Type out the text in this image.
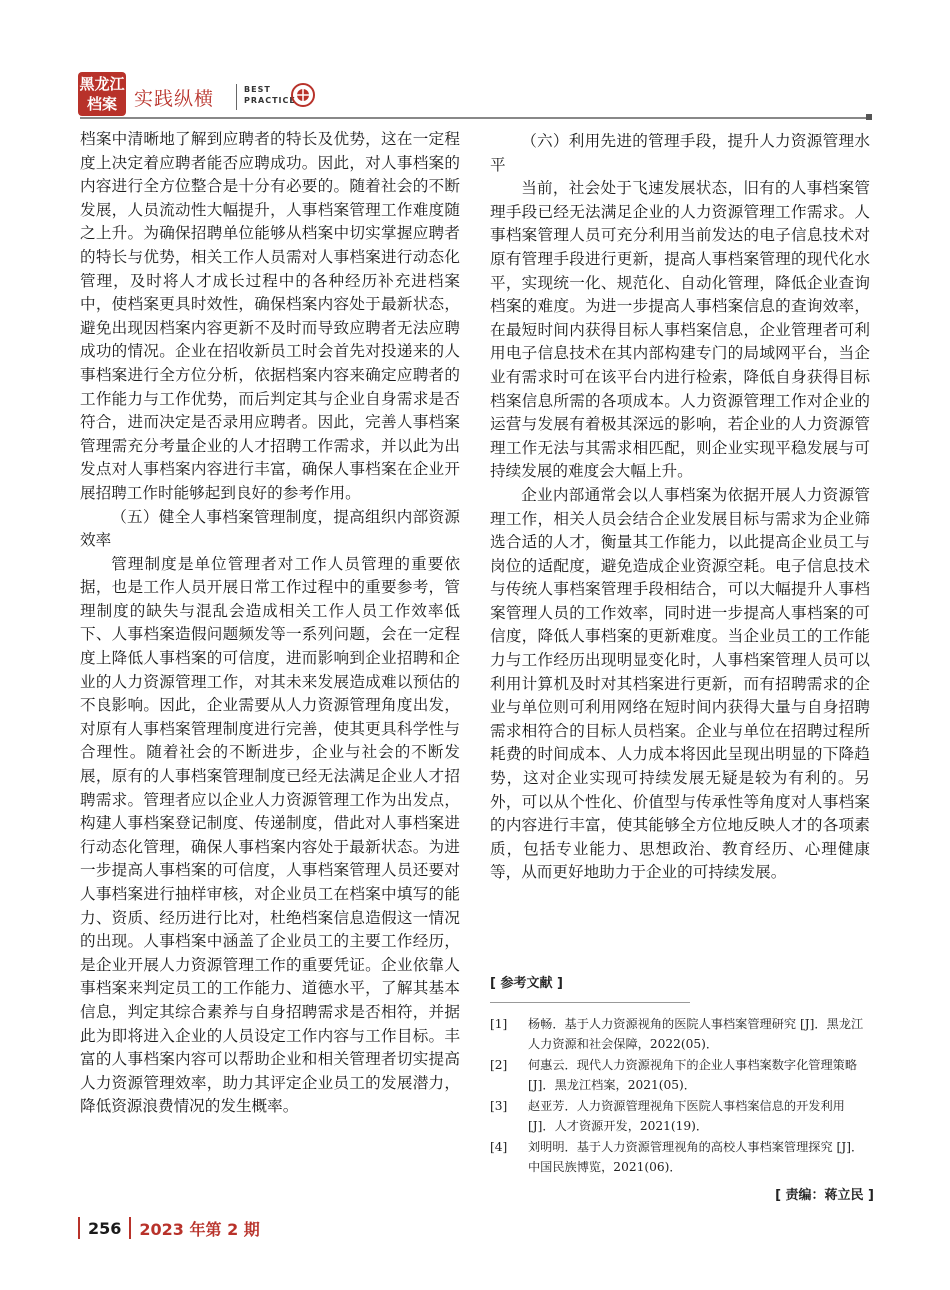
黑龙江
档案 实践纵横	BEST
PRACTICE

档案中清晰地了解到应聘者的特长及优势，这在一定程度上决定着应聘者能否应聘成功。因此，对人事档案的内容进行全方位整合是十分有必要的。随着社会的不断发展，人员流动性大幅提升，人事档案管理工作难度随之上升。为确保招聘单位能够从档案中切实掌握应聘者的特长与优势，相关工作人员需对人事档案进行动态化管理，及时将人才成长过程中的各种经历补充进档案中，使档案更具时效性，确保档案内容处于最新状态，避免出现因档案内容更新不及时而导致应聘者无法应聘成功的情况。企业在招收新员工时会首先对投递来的人事档案进行全方位分析，依据档案内容来确定应聘者的工作能力与工作优势，而后判定其与企业自身需求是否符合，进而决定是否录用应聘者。因此，完善人事档案管理需充分考量企业的人才招聘工作需求，并以此为出发点对人事档案内容进行丰富，确保人事档案在企业开展招聘工作时能够起到良好的参考作用。

（五）健全人事档案管理制度，提高组织内部资源效率

管理制度是单位管理者对工作人员管理的重要依据，也是工作人员开展日常工作过程中的重要参考，管理制度的缺失与混乱会造成相关工作人员工作效率低下、人事档案造假问题频发等一系列问题，会在一定程度上降低人事档案的可信度，进而影响到企业招聘和企业的人力资源管理工作，对其未来发展造成难以预估的不良影响。因此，企业需要从人力资源管理角度出发，对原有人事档案管理制度进行完善，使其更具科学性与合理性。随着社会的不断进步，企业与社会的不断发展，原有的人事档案管理制度已经无法满足企业人才招聘需求。管理者应以企业人力资源管理工作为出发点，构建人事档案登记制度、传递制度，借此对人事档案进行动态化管理，确保人事档案内容处于最新状态。为进一步提高人事档案的可信度，人事档案管理人员还要对人事档案进行抽样审核，对企业员工在档案中填写的能力、资质、经历进行比对，杜绝档案信息造假这一情况的出现。人事档案中涵盖了企业员工的主要工作经历，是企业开展人力资源管理工作的重要凭证。企业依靠人事档案来判定员工的工作能力、道德水平，了解其基本信息，判定其综合素养与自身招聘需求是否相符，并据此为即将进入企业的人员设定工作内容与工作目标。丰富的人事档案内容可以帮助企业和相关管理者切实提高人力资源管理效率，助力其评定企业员工的发展潜力，降低资源浪费情况的发生概率。

（六）利用先进的管理手段，提升人力资源管理水平

当前，社会处于飞速发展状态，旧有的人事档案管理手段已经无法满足企业的人力资源管理工作需求。人事档案管理人员可充分利用当前发达的电子信息技术对原有管理手段进行更新，提高人事档案管理的现代化水平，实现统一化、规范化、自动化管理，降低企业查询档案的难度。为进一步提高人事档案信息的查询效率，在最短时间内获得目标人事档案信息，企业管理者可利用电子信息技术在其内部构建专门的局域网平台，当企业有需求时可在该平台内进行检索，降低自身获得目标档案信息所需的各项成本。人力资源管理工作对企业的运营与发展有着极其深远的影响，若企业的人力资源管理工作无法与其需求相匹配，则企业实现平稳发展与可持续发展的难度会大幅上升。

企业内部通常会以人事档案为依据开展人力资源管理工作，相关人员会结合企业发展目标与需求为企业筛选合适的人才，衡量其工作能力，以此提高企业员工与岗位的适配度，避免造成企业资源空耗。电子信息技术与传统人事档案管理手段相结合，可以大幅提升人事档案管理人员的工作效率，同时进一步提高人事档案的可信度，降低人事档案的更新难度。当企业员工的工作能力与工作经历出现明显变化时，人事档案管理人员可以利用计算机及时对其档案进行更新，而有招聘需求的企业与单位则可利用网络在短时间内获得大量与自身招聘需求相符合的目标人员档案。企业与单位在招聘过程所耗费的时间成本、人力成本将因此呈现出明显的下降趋势，这对企业实现可持续发展无疑是较为有利的。另外，可以从个性化、价值型与传承性等角度对人事档案的内容进行丰富，使其能够全方位地反映人才的各项素质，包括专业能力、思想政治、教育经历、心理健康等，从而更好地助力于企业的可持续发展。

[ 参考文献 ]
[1]	杨畅．基于人力资源视角的医院人事档案管理研究 [J]．黑龙江人力资源和社会保障，2022(05)．
[2]	何惠云．现代人力资源视角下的企业人事档案数字化管理策略 [J]．黑龙江档案，2021(05)．
[3]	赵亚芳．人力资源管理视角下医院人事档案信息的开发利用 [J]．人才资源开发，2021(19)．
[4]	刘明明．基于人力资源管理视角的高校人事档案管理探究 [J]．中国民族博览，2021(06)．
[ 责编：蒋立民 ]
256 2023 年第 2 期
